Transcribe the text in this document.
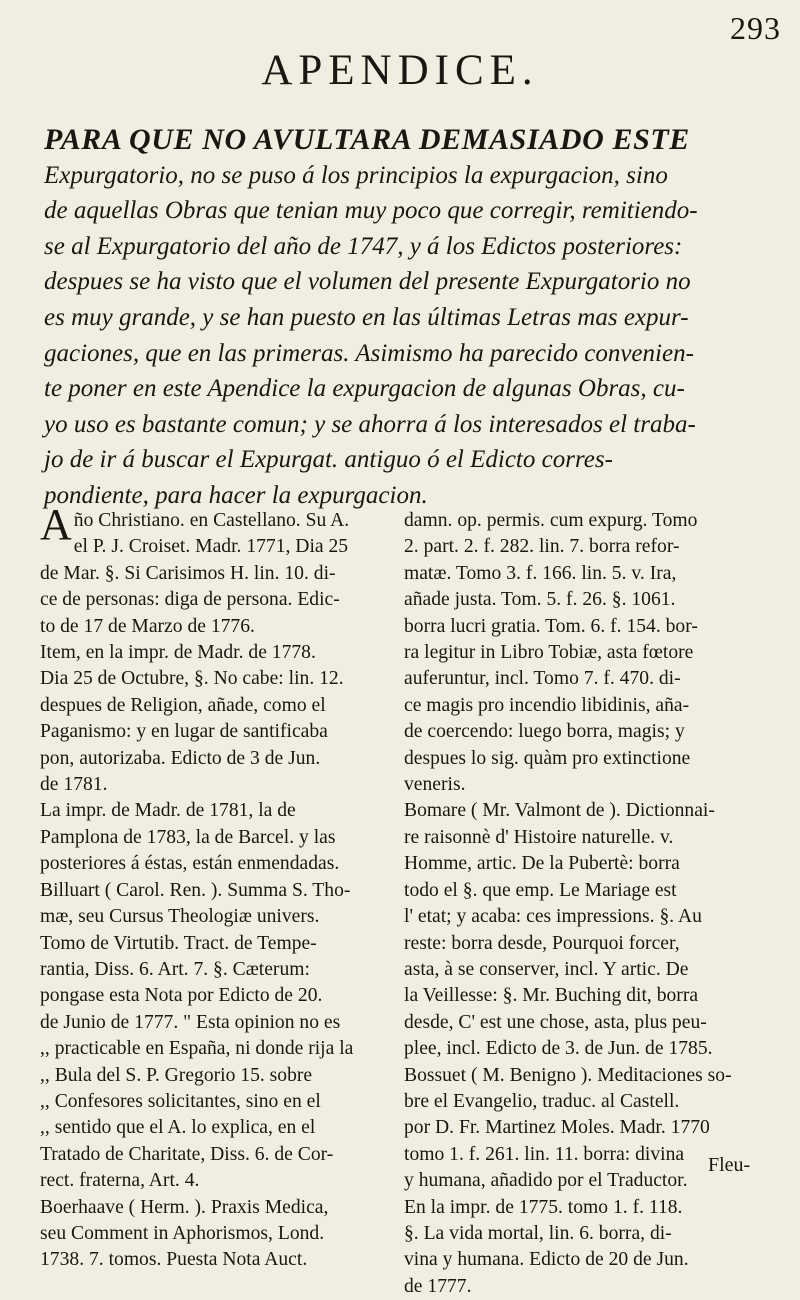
293
APENDICE.

PARA QUE NO AVULTARA DEMASIADO ESTE
Expurgatorio, no se puso á los principios la expurgacion, sino
de aquellas Obras que tenian muy poco que corregir, remitiendo-
se al Expurgatorio del año de 1747, y á los Edictos posteriores:
despues se ha visto que el volumen del presente Expurgatorio no
es muy grande, y se han puesto en las últimas Letras mas expur-
gaciones, que en las primeras. Asimismo ha parecido convenien-
te poner en este Apendice la expurgacion de algunas Obras, cu-
yo uso es bastante comun; y se ahorra á los interesados el traba-
jo de ir á buscar el Expurgat. antiguo ó el Edicto corres-
pondiente, para hacer la expurgacion.

A ño Christiano. en Castellano. Su A.
el P. J. Croiset. Madr. 1771, Dia 25
de Mar. §. Si Carisimos H. lin. 10. di-
ce de personas: diga de persona. Edic-
to de 17 de Marzo de 1776.
Item, en la impr. de Madr. de 1778.
Dia 25 de Octubre, §. No cabe: lin. 12.
despues de Religion, añade, como el
Paganismo: y en lugar de santificaba
pon, autorizaba. Edicto de 3 de Jun.
de 1781.
La impr. de Madr. de 1781, la de
Pamplona de 1783, la de Barcel. y las
posteriores á éstas, están enmendadas.
Billuart ( Carol. Ren. ). Summa S. Tho-
mæ, seu Cursus Theologiæ univers.
Tomo de Virtutib. Tract. de Tempe-
rantia, Diss. 6. Art. 7. §. Cæterum:
pongase esta Nota por Edicto de 20.
de Junio de 1777. " Esta opinion no es
,, practicable en España, ni donde rija la
,, Bula del S. P. Gregorio 15. sobre
,, Confesores solicitantes, sino en el
,, sentido que el A. lo explica, en el
Tratado de Charitate, Diss. 6. de Cor-
rect. fraterna, Art. 4.
Boerhaave ( Herm. ). Praxis Medica,
seu Comment in Aphorismos, Lond.
1738. 7. tomos. Puesta Nota Auct.
damn. op. permis. cum expurg. Tomo
2. part. 2. f. 282. lin. 7. borra refor-
matæ. Tomo 3. f. 166. lin. 5. v. Ira,
añade justa. Tom. 5. f. 26. §. 1061.
borra lucri gratia. Tom. 6. f. 154. bor-
ra legitur in Libro Tobiæ, asta fœtore
auferuntur, incl. Tomo 7. f. 470. di-
ce magis pro incendio libidinis, aña-
de coercendo: luego borra, magis; y
despues lo sig. quàm pro extinctione
veneris.
Bomare ( Mr. Valmont de ). Dictionnai-
re raisonnè d' Histoire naturelle. v.
Homme, artic. De la Pubertè: borra
todo el §. que emp. Le Mariage est
l' etat; y acaba: ces impressions. §. Au
reste: borra desde, Pourquoi forcer,
asta, à se conserver, incl. Y artic. De
la Veillesse: §. Mr. Buching dit, borra
desde, C' est une chose, asta, plus peu-
plee, incl. Edicto de 3. de Jun. de 1785.
Bossuet ( M. Benigno ). Meditaciones so-
bre el Evangelio, traduc. al Castell.
por D. Fr. Martinez Moles. Madr. 1770
tomo 1. f. 261. lin. 11. borra: divina
y humana, añadido por el Traductor.
En la impr. de 1775. tomo 1. f. 118.
§. La vida mortal, lin. 6. borra, di-
vina y humana. Edicto de 20 de Jun.
de 1777.
Fleu-
